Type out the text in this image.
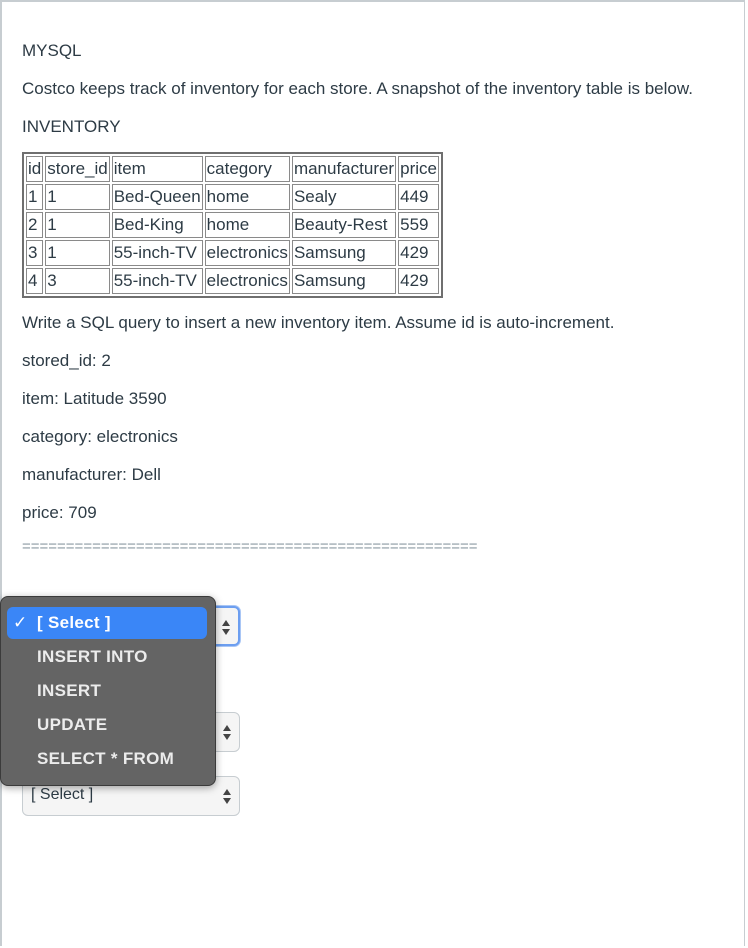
MYSQL

Costco keeps track of inventory for each store. A snapshot of the inventory table is below.

INVENTORY

id	store_id	item	category	manufacturer	price
1	1	Bed-Queen	home	Sealy	449
2	1	Bed-King	home	Beauty-Rest	559
3	1	55-inch-TV	electronics	Samsung	429
4	3	55-inch-TV	electronics	Samsung	429

Write a SQL query to insert a new inventory item. Assume id is auto-increment.

stored_id: 2

item: Latitude 3590

category: electronics

manufacturer: Dell

price: 709

====================================================

[ Select ]
✓ [ Select ]
INSERT INTO
INSERT
UPDATE
SELECT * FROM
